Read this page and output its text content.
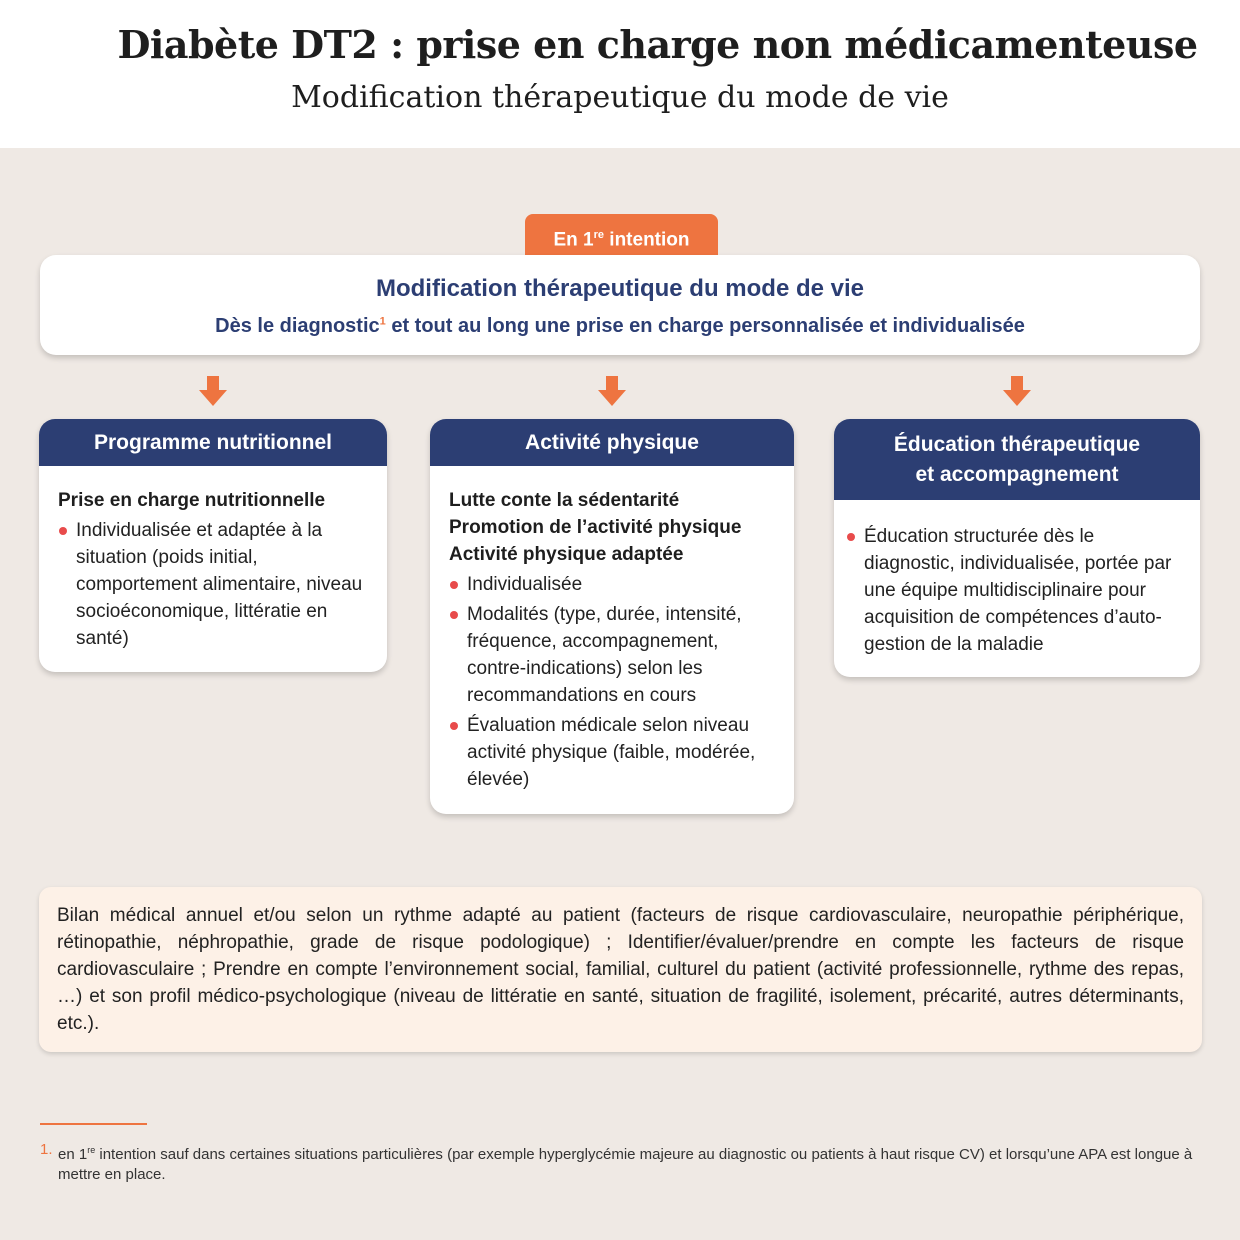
Diabète DT2 : prise en charge non médicamenteuse
Modification thérapeutique du mode de vie
En 1re intention
Modification thérapeutique du mode de vie
Dès le diagnostic$^1$ et tout au long une prise en charge personnalisée et individualisée
Programme nutritionnel

Prise en charge nutritionnelle

Individualisée et adaptée à la situation (poids initial, comportement alimentaire, niveau socioéconomique, littératie en santé)
Activité physique

Lutte conte la sédentarité

Promotion de l’activité physique

Activité physique adaptée

Individualisée
Modalités (type, durée, intensité, fréquence, accompagnement, contre-indications) selon les recommandations en cours
Évaluation médicale selon niveau activité physique (faible, modérée, élevée)
Éducation thérapeutique
et accompagnement
Éducation structurée dès le diagnostic, individualisée, portée par une équipe multidisciplinaire pour acquisition de compétences d’auto-gestion de la maladie
Bilan médical annuel et/ou selon un rythme adapté au patient (facteurs de risque cardiovasculaire, neuropathie périphérique, rétinopathie, néphropathie, grade de risque podologique) ; Identifier/évaluer/prendre en compte les facteurs de risque cardiovasculaire ; Prendre en compte l’environnement social, familial, culturel du patient (activité professionnelle, rythme des repas, …) et son profil médico-psychologique (niveau de littératie en santé, situation de fragilité, isolement, précarité, autres déterminants, etc.).
1. en 1re intention sauf dans certaines situations particulières (par exemple hyperglycémie majeure au diagnostic ou patients à haut risque CV) et lorsqu’une APA est longue à mettre en place.
